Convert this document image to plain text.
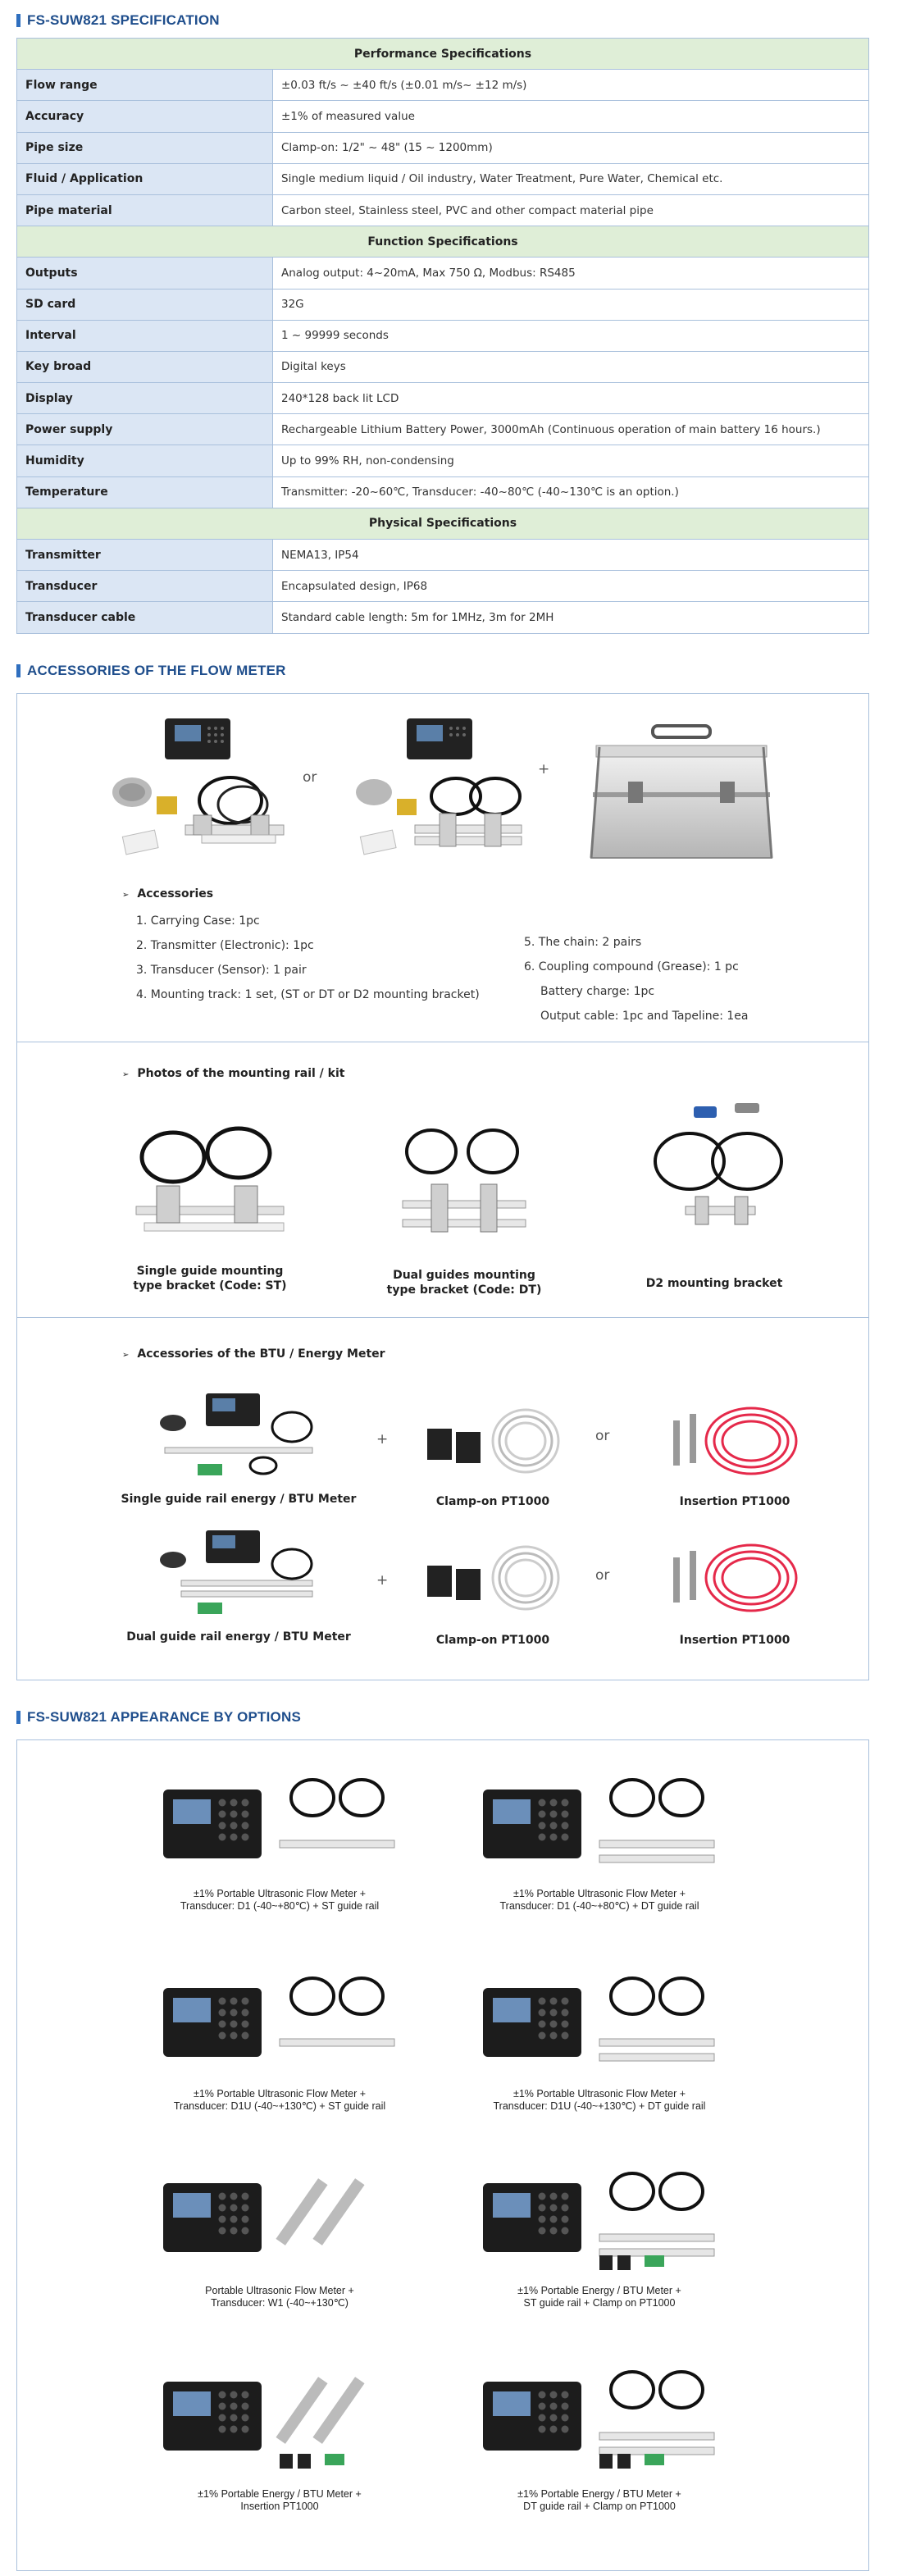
FS-SUW821 SPECIFICATION
Performance Specifications	
Flow range	±0.03 ft/s ~ ±40 ft/s (±0.01 m/s~ ±12 m/s)
Accuracy	±1% of measured value
Pipe size	Clamp-on: 1/2" ~ 48" (15 ~ 1200mm)
Fluid / Application	Single medium liquid / Oil industry, Water Treatment, Pure Water, Chemical etc.
Pipe material	Carbon steel, Stainless steel, PVC and other compact material pipe
Function Specifications	
Outputs	Analog output: 4~20mA, Max 750 Ω, Modbus: RS485
SD card	32G
Interval	1 ~ 99999 seconds
Key broad	Digital keys
Display	240*128 back lit LCD
Power supply	Rechargeable Lithium Battery Power, 3000mAh (Continuous operation of main battery 16 hours.)
Humidity	Up to 99% RH, non-condensing
Temperature	Transmitter: -20~60℃, Transducer: -40~80℃ (-40~130℃ is an option.)
Physical Specifications	
Transmitter	NEMA13, IP54
Transducer	Encapsulated design, IP68
Transducer cable	Standard cable length: 5m for 1MHz, 3m for 2MH
ACCESSORIES OF THE FLOW METER
or	+
➢ Accessories
1. Carrying Case: 1pc
2. Transmitter (Electronic): 1pc
3. Transducer (Sensor): 1 pair
4. Mounting track: 1 set, (ST or DT or D2 mounting bracket)
5. The chain: 2 pairs
6. Coupling compound (Grease): 1 pc
Battery charge: 1pc
Output cable: 1pc and Tapeline: 1ea
➢ Photos of the mounting rail / kit
Single guide mounting
type bracket (Code: ST)
Dual guides mounting
type bracket (Code: DT)	D2 mounting bracket
➢ Accessories of the BTU / Energy Meter
+	or
Single guide rail energy / BTU Meter	Clamp-on PT1000	Insertion PT1000
+	or
Dual guide rail energy / BTU Meter	Clamp-on PT1000	Insertion PT1000
FS-SUW821 APPEARANCE BY OPTIONS
±1% Portable Ultrasonic Flow Meter +
Transducer: D1 (-40~+80℃) + ST guide rail
±1% Portable Ultrasonic Flow Meter +
Transducer: D1 (-40~+80℃) + DT guide rail
±1% Portable Ultrasonic Flow Meter +
Transducer: D1U (-40~+130℃) + ST guide rail
±1% Portable Ultrasonic Flow Meter +
Transducer: D1U (-40~+130℃) + DT guide rail
Portable Ultrasonic Flow Meter +
Transducer: W1 (-40~+130℃)
±1% Portable Energy / BTU Meter +
ST guide rail + Clamp on PT1000
±1% Portable Energy / BTU Meter +
Insertion PT1000
±1% Portable Energy / BTU Meter +
DT guide rail + Clamp on PT1000
